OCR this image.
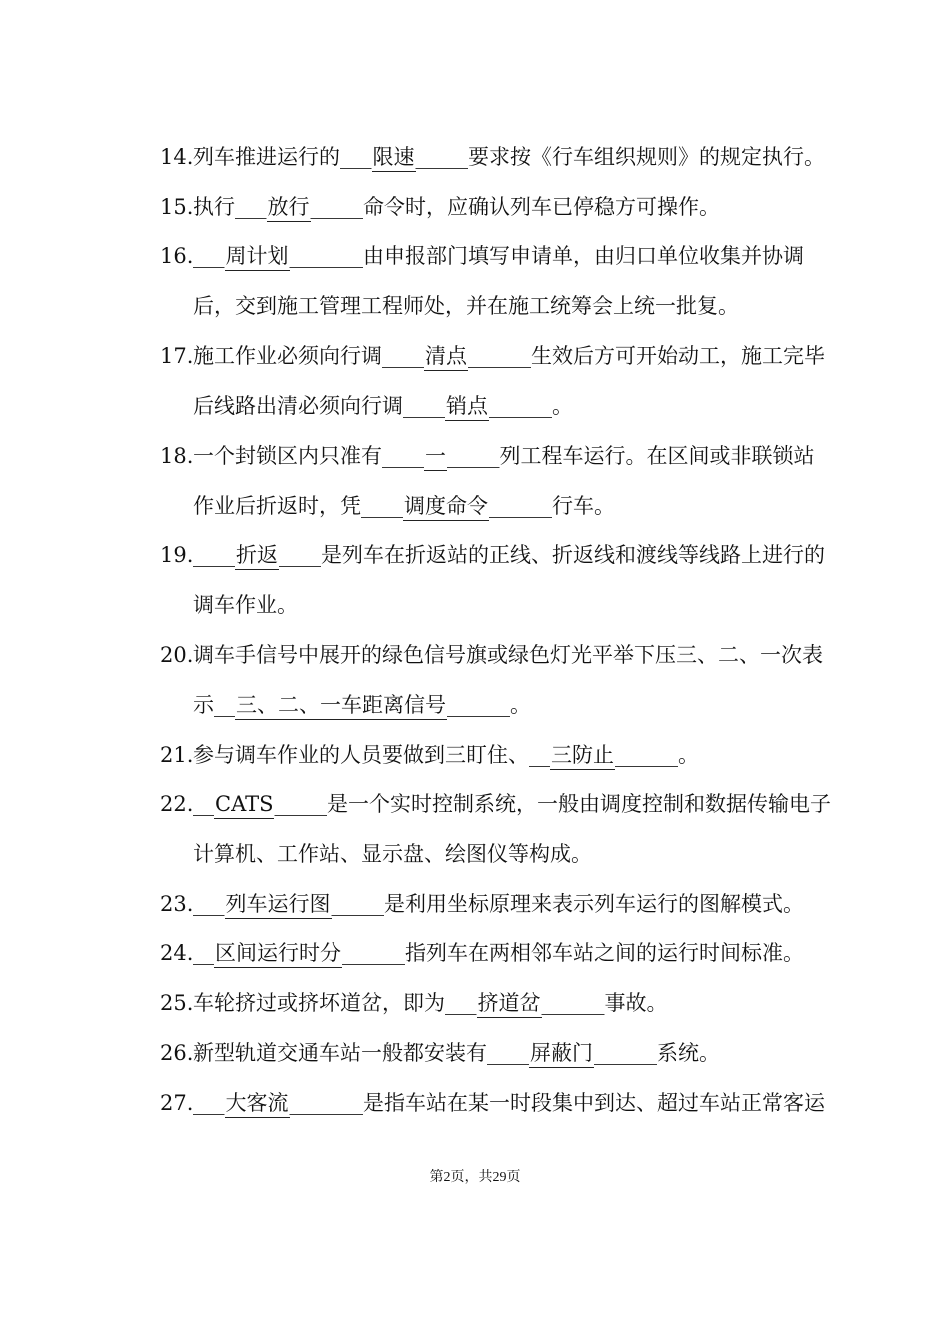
14.列车推进运行的___限速_____要求按《行车组织规则》的规定执行。
15.执行___放行_____命令时，应确认列车已停稳方可操作。
16.___周计划_______由申报部门填写申请单，由归口单位收集并协调
后，交到施工管理工程师处，并在施工统筹会上统一批复。
17.施工作业必须向行调____清点______生效后方可开始动工，施工完毕
后线路出清必须向行调____销点______。
18.一个封锁区内只准有____一_____列工程车运行。在区间或非联锁站
作业后折返时，凭____调度命令______行车。
19.____折返____是列车在折返站的正线、折返线和渡线等线路上进行的
调车作业。
20.调车手信号中展开的绿色信号旗或绿色灯光平举下压三、二、一次表
示__三、二、一车距离信号______。
21.参与调车作业的人员要做到三盯住、__三防止______。
22.__CATS_____是一个实时控制系统，一般由调度控制和数据传输电子
计算机、工作站、显示盘、绘图仪等构成。
23.___列车运行图_____是利用坐标原理来表示列车运行的图解模式。
24.__区间运行时分______指列车在两相邻车站之间的运行时间标准。
25.车轮挤过或挤坏道岔，即为___挤道岔______事故。
26.新型轨道交通车站一般都安装有____屏蔽门______系统。
27.___大客流_______是指车站在某一时段集中到达、超过车站正常客运
第2页，共29页
